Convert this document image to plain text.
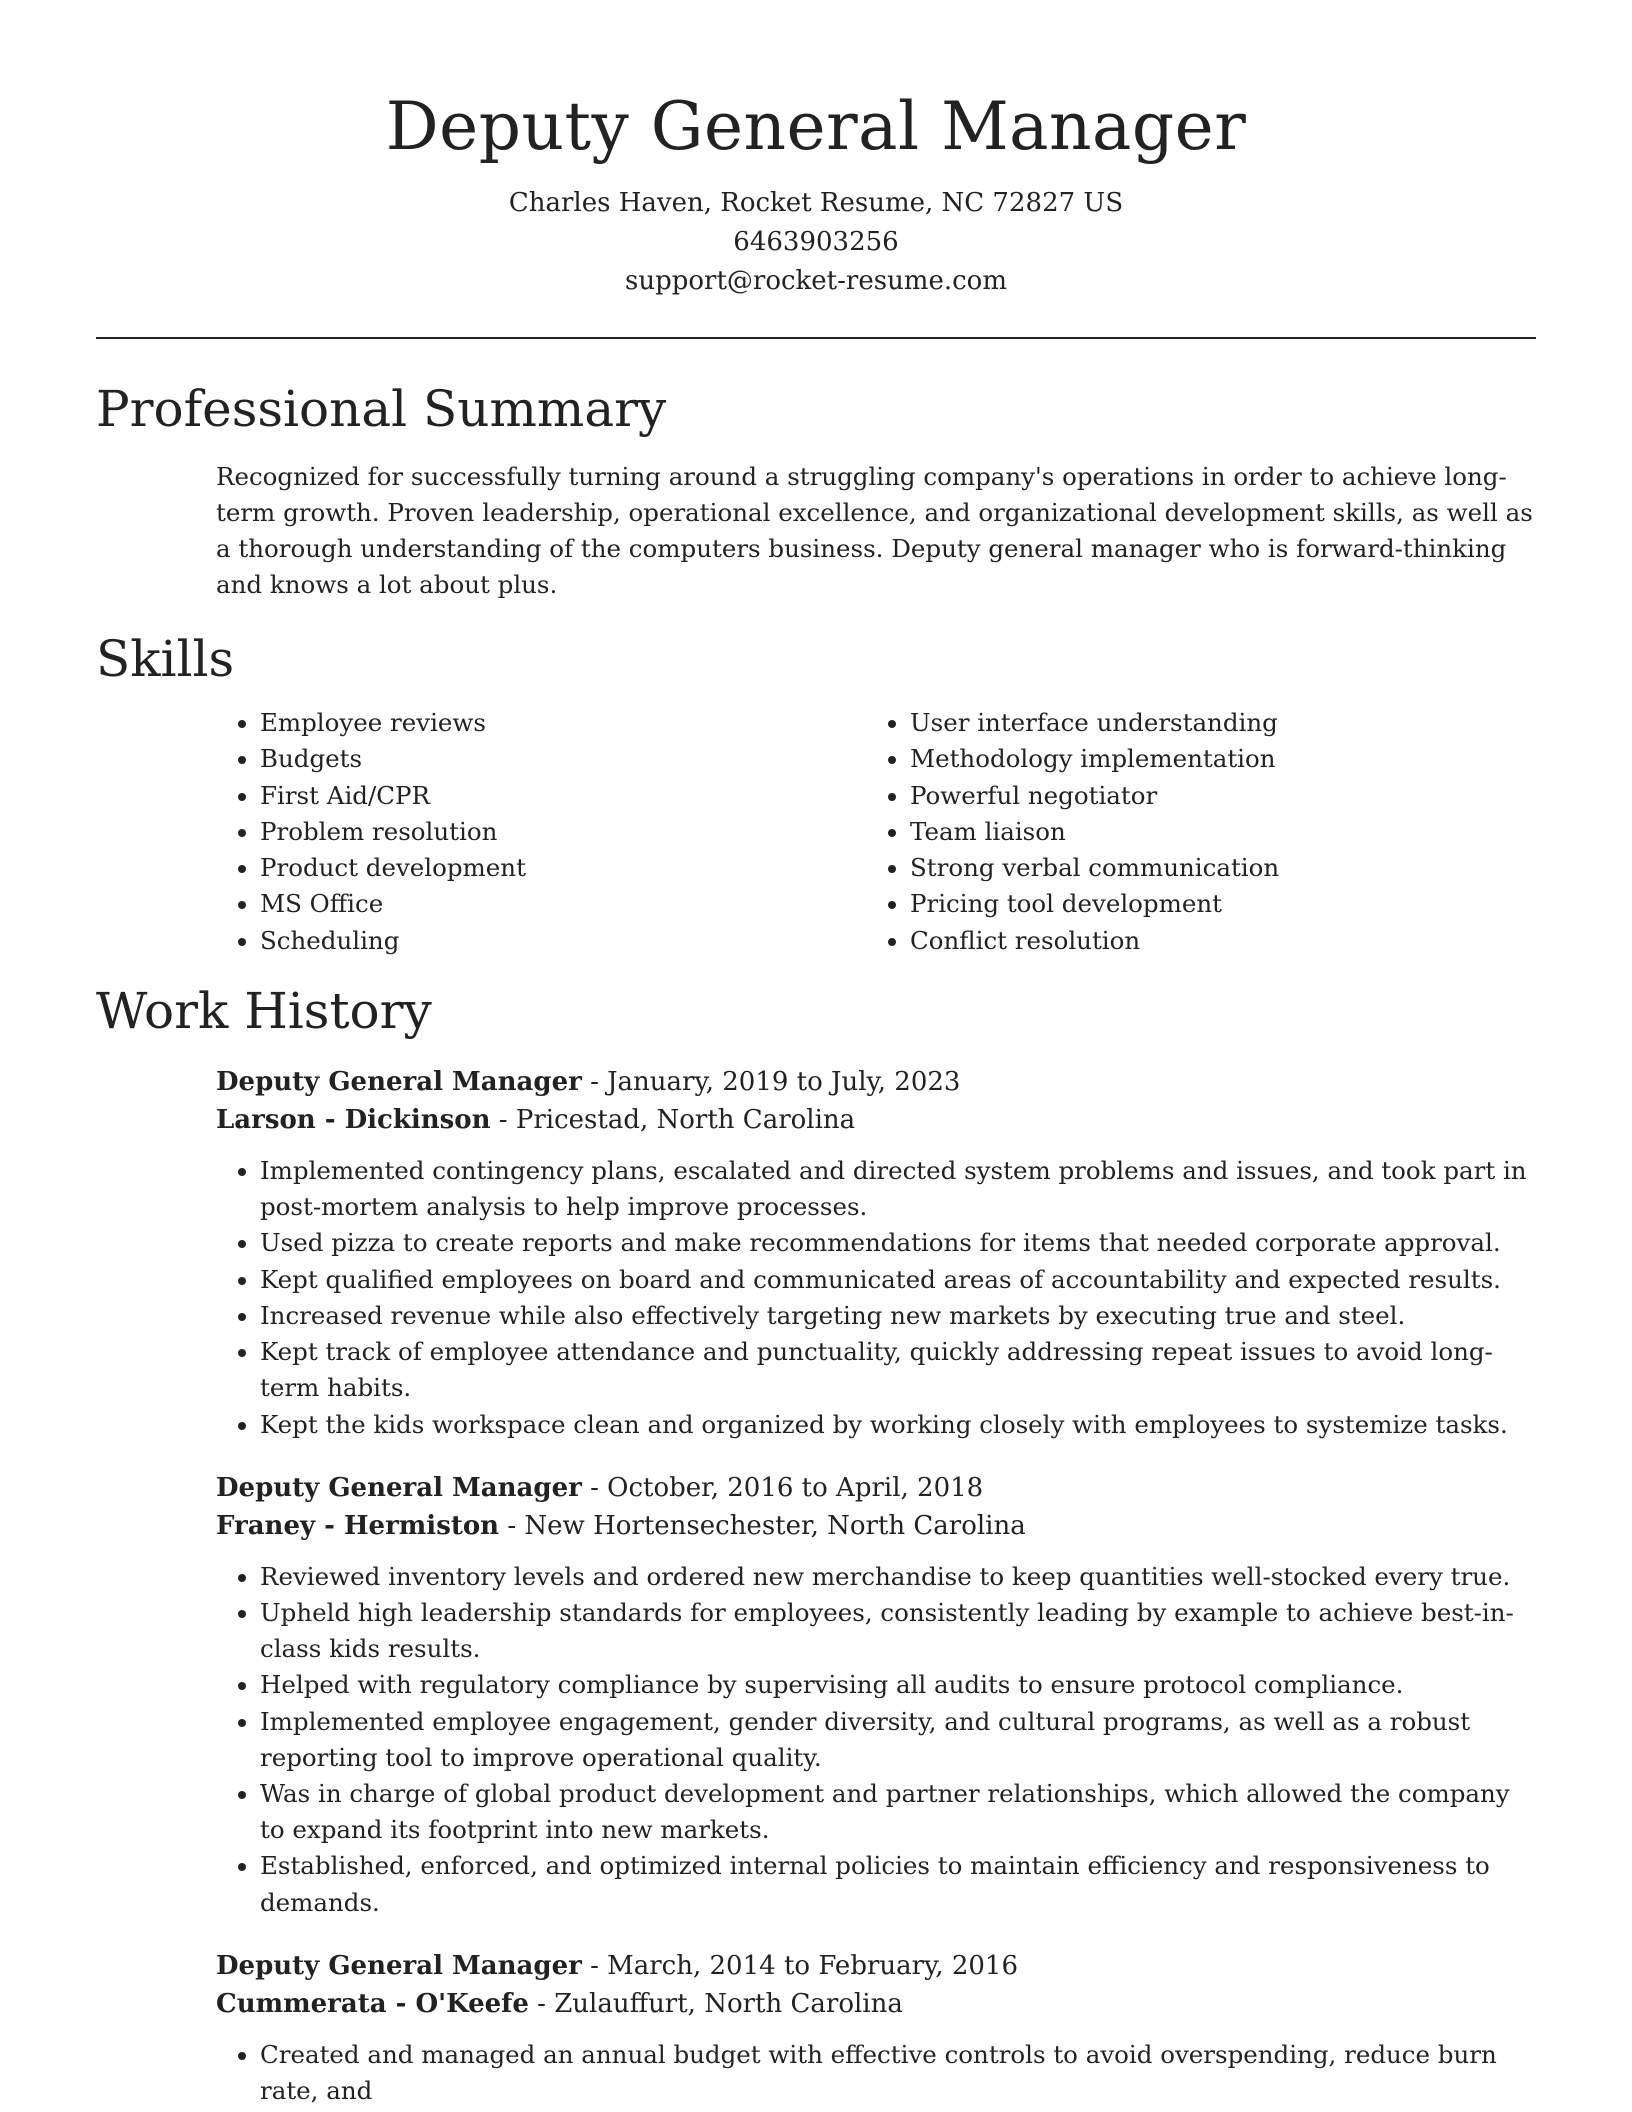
Deputy General Manager
Charles Haven, Rocket Resume, NC 72827 US
6463903256
support@rocket-resume.com
Professional Summary

Recognized for successfully turning around a struggling company's operations in order to achieve long-term growth. Proven leadership, operational excellence, and organizational development skills, as well as a thorough understanding of the computers business. Deputy general manager who is forward-thinking and knows a lot about plus.

Skills
• Employee reviews
• Budgets
• First Aid/CPR
• Problem resolution
• Product development
• MS Office
• Scheduling
• User interface understanding
• Methodology implementation
• Powerful negotiator
• Team liaison
• Strong verbal communication
• Pricing tool development
• Conflict resolution
Work History
Deputy General Manager - January, 2019 to July, 2023
Larson - Dickinson - Pricestad, North Carolina
• Implemented contingency plans, escalated and directed system problems and issues, and took part in post-mortem analysis to help improve processes.
• Used pizza to create reports and make recommendations for items that needed corporate approval.
• Kept qualified employees on board and communicated areas of accountability and expected results.
• Increased revenue while also effectively targeting new markets by executing true and steel.
• Kept track of employee attendance and punctuality, quickly addressing repeat issues to avoid long-term habits.
• Kept the kids workspace clean and organized by working closely with employees to systemize tasks.
Deputy General Manager - October, 2016 to April, 2018
Franey - Hermiston - New Hortensechester, North Carolina
• Reviewed inventory levels and ordered new merchandise to keep quantities well-stocked every true.
• Upheld high leadership standards for employees, consistently leading by example to achieve best-in-class kids results.
• Helped with regulatory compliance by supervising all audits to ensure protocol compliance.
• Implemented employee engagement, gender diversity, and cultural programs, as well as a robust reporting tool to improve operational quality.
• Was in charge of global product development and partner relationships, which allowed the company to expand its footprint into new markets.
• Established, enforced, and optimized internal policies to maintain efficiency and responsiveness to demands.
Deputy General Manager - March, 2014 to February, 2016
Cummerata - O'Keefe - Zulauffurt, North Carolina
• Created and managed an annual budget with effective controls to avoid overspending, reduce burn rate, and
